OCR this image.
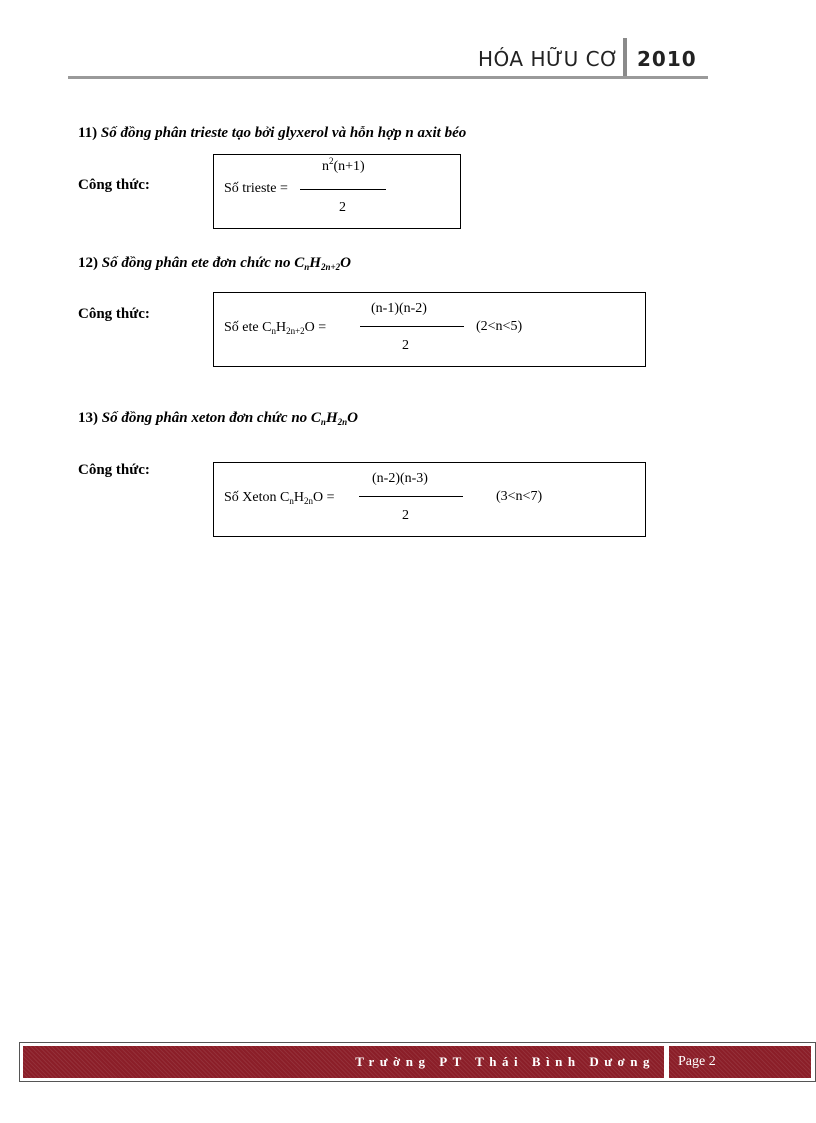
HÓA HỮU CƠ 2010
11) Số đồng phân trieste tạo bởi glyxerol và hỗn hợp n axit béo
Công thức:	Số trieste =
$n^2(n+1)$
2
12) Số đồng phân ete đơn chức no $C_nH_{2n+2}O$
Công thức:
Số ete $C_nH_{2n+2}O$ =
(n-1)(n-2)
2
(2<n<5)
13) Số đồng phân xeton đơn chức no $C_nH_{2n}O$
Công thức:
Số Xeton $C_nH_{2n}O$ =
(n-2)(n-3)
2
(3<n<7)
Trường PT Thái Bình Dương Page 2
